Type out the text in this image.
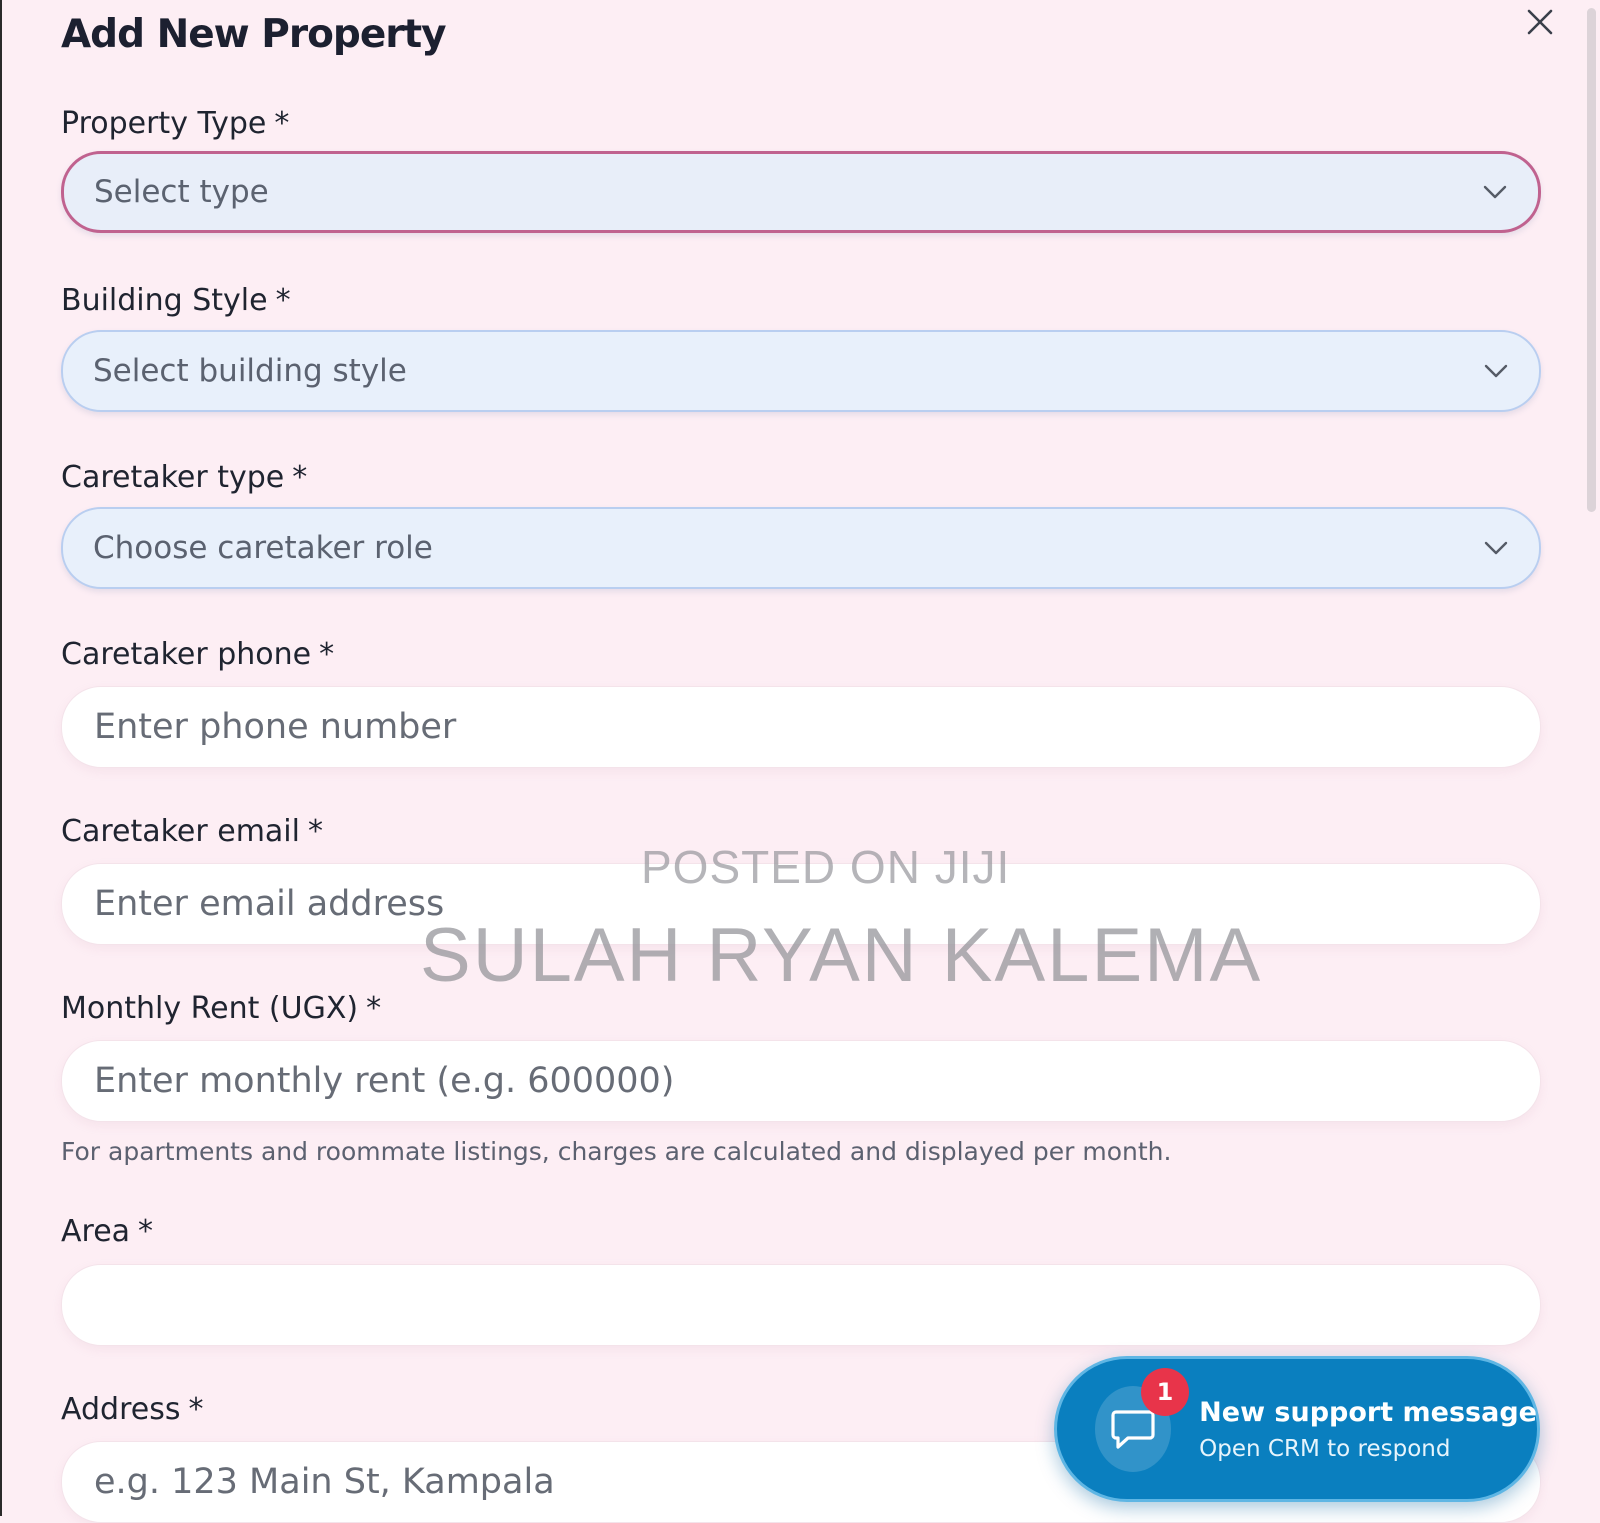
Add New Property
Property Type *
Select type
Building Style *
Select building style
Caretaker type *
Choose caretaker role
Caretaker phone *
Enter phone number
Caretaker email *
Enter email address
Monthly Rent (UGX) *
Enter monthly rent (e.g. 600000)
For apartments and roommate listings, charges are calculated and displayed per month.
Area *
Address *
e.g. 123 Main St, Kampala
POSTED ON JIJI
SULAH RYAN KALEMA
1
New support message
Open CRM to respond
